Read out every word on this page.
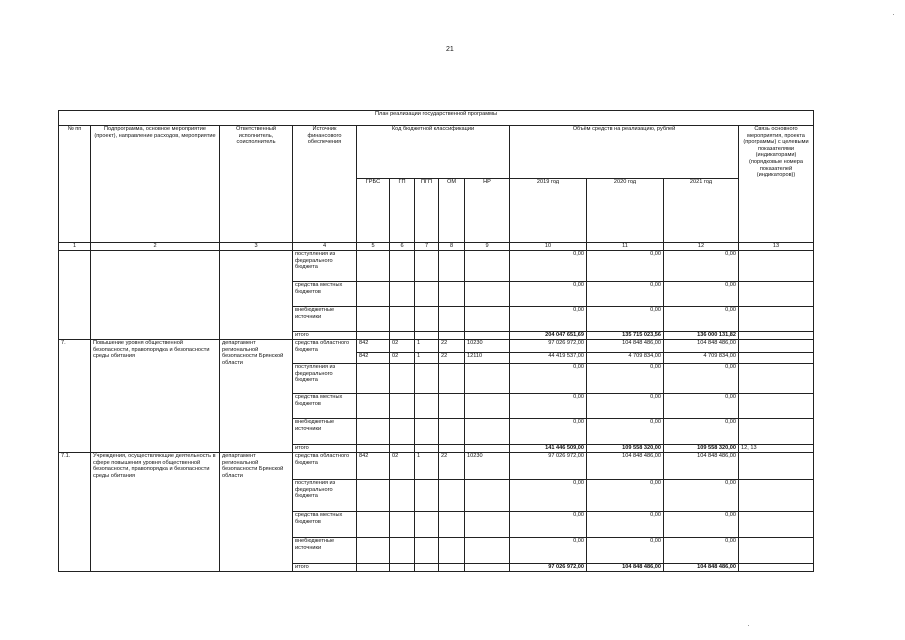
21
План реализации государственной программы												
№ пп	Подпрограмма, основное мероприятие (проект), направление расходов, мероприятие	Ответственный исполнитель, соисполнитель	Источник финансового обеспечения	Код бюджетной классификации					Объём средств на реализацию, рублей			Связь основного мероприятия, проекта (программы) с целевыми показателями (индикаторами) (порядковые номера показателей (индикаторов))
				ГРБС	ГП	ПГП	ОМ	НР	2019 год	2020 год	2021 год	
1	2	3	4	5	6	7	8	9	10	11	12	13
			поступления из федерального бюджета						0,00	0,00	0,00	
			средства местных бюджетов						0,00	0,00	0,00	
			внебюджетные источники						0,00	0,00	0,00	
			итого						204 047 651,69	135 715 023,56	136 000 131,82	
7.	Повышение уровня общественной безопасности, правопорядка и безопасности среды обитания	департамент региональной безопасности Брянской области	средства областного бюджета	842	02	1	22	10230	97 026 972,00	104 848 486,00	104 848 486,00	
				842	02	1	22	12110	44 419 537,00	4 709 834,00	4 709 834,00	
			поступления из федерального бюджета						0,00	0,00	0,00	
			средства местных бюджетов						0,00	0,00	0,00	
			внебюджетные источники						0,00	0,00	0,00	
			итого						141 446 509,00	109 558 320,00	109 558 320,00	12, 13
7.1.	Учреждения, осуществляющие деятельность в сфере повышения уровня общественной безопасности, правопорядка и безопасности среды обитания	департамент региональной безопасности Брянской области	средства областного бюджета	842	02	1	22	10230	97 026 972,00	104 848 486,00	104 848 486,00	
			поступления из федерального бюджета						0,00	0,00	0,00	
			средства местных бюджетов						0,00	0,00	0,00	
			внебюджетные источники						0,00	0,00	0,00	
			итого						97 026 972,00	104 848 486,00	104 848 486,00	
